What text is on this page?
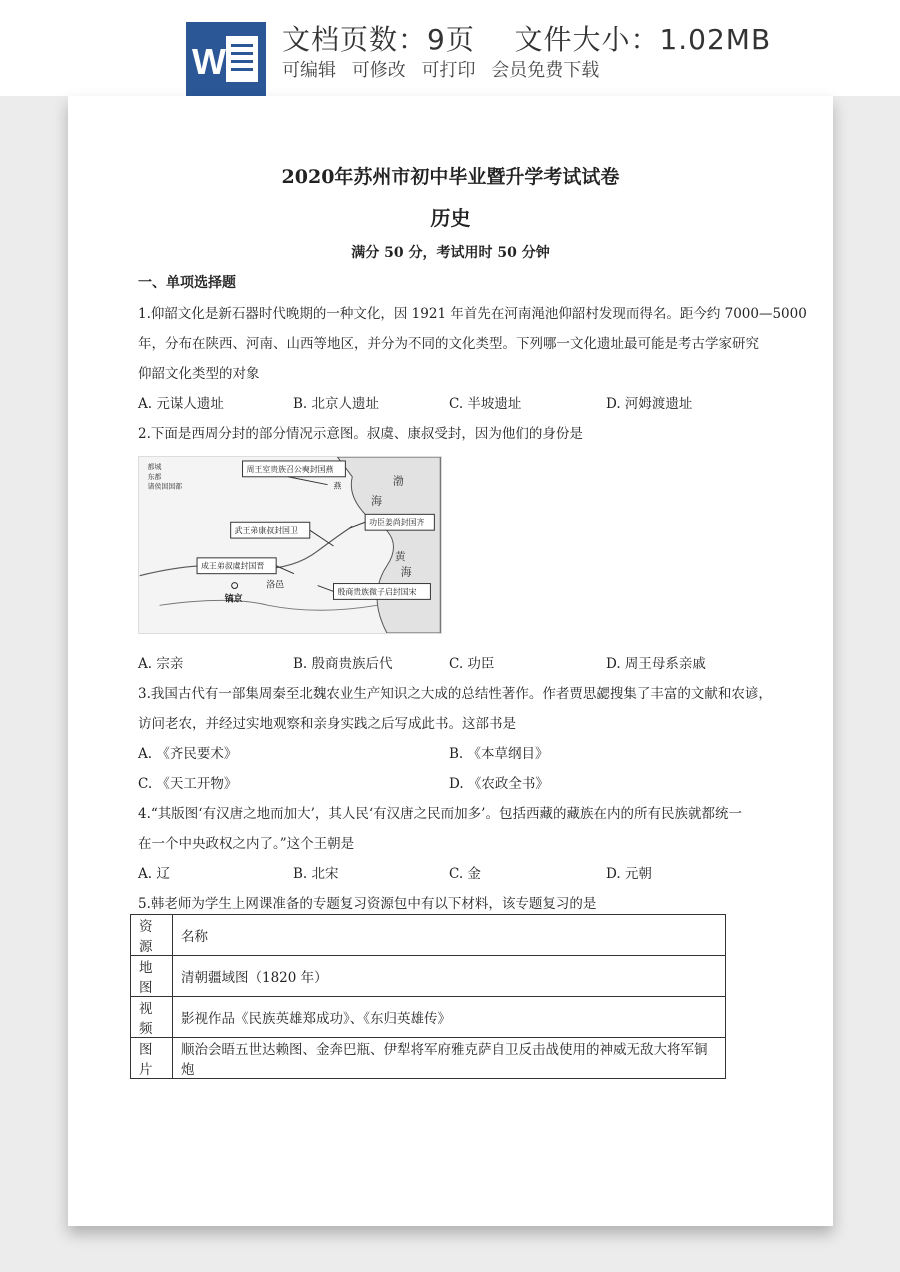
W
文档页数：9页 文件大小：1.02MB
可编辑 可修改 可打印 会员免费下载
2020年苏州市初中毕业暨升学考试试卷
历史
满分 50 分，考试用时 50 分钟
一、单项选择题
1.仰韶文化是新石器时代晚期的一种文化，因 1921 年首先在河南渑池仰韶村发现而得名。距今约 7000—5000
年，分布在陕西、河南、山西等地区，并分为不同的文化类型。下列哪一文化遗址最可能是考古学家研究
仰韶文化类型的对象
A. 元谋人遗址	B. 北京人遗址	C. 半坡遗址	D. 河姆渡遗址
2.下面是西周分封的部分情况示意图。叔虞、康叔受封，因为他们的身份是
都城
东都
诸侯国国都
周王室贵族召公奭封国燕
武王弟康叔封国卫
功臣姜尚封国齐
成王弟叔虞封国晋
殷商贵族微子启封国宋
洛邑
镐京
燕	渤
海
黄
海
A. 宗亲	B. 殷商贵族后代	C. 功臣	D. 周王母系亲戚
3.我国古代有一部集周秦至北魏农业生产知识之大成的总结性著作。作者贾思勰搜集了丰富的文献和农谚，
访问老农，并经过实地观察和亲身实践之后写成此书。这部书是
A. 《齐民要术》	B. 《本草纲目》
C. 《天工开物》	D. 《农政全书》
4.“其版图‘有汉唐之地而加大’，其人民‘有汉唐之民而加多’。包括西藏的藏族在内的所有民族就都统一
在一个中央政权之内了。”这个王朝是
A. 辽	B. 北宋	C. 金	D. 元朝
5.韩老师为学生上网课准备的专题复习资源包中有以下材料，该专题复习的是
资源	名称
地图	清朝疆域图（1820 年）
视频	影视作品《民族英雄郑成功》、《东归英雄传》
图片	顺治会晤五世达赖图、金奔巴瓶、伊犁将军府雅克萨自卫反击战使用的神威无敌大将军铜炮
